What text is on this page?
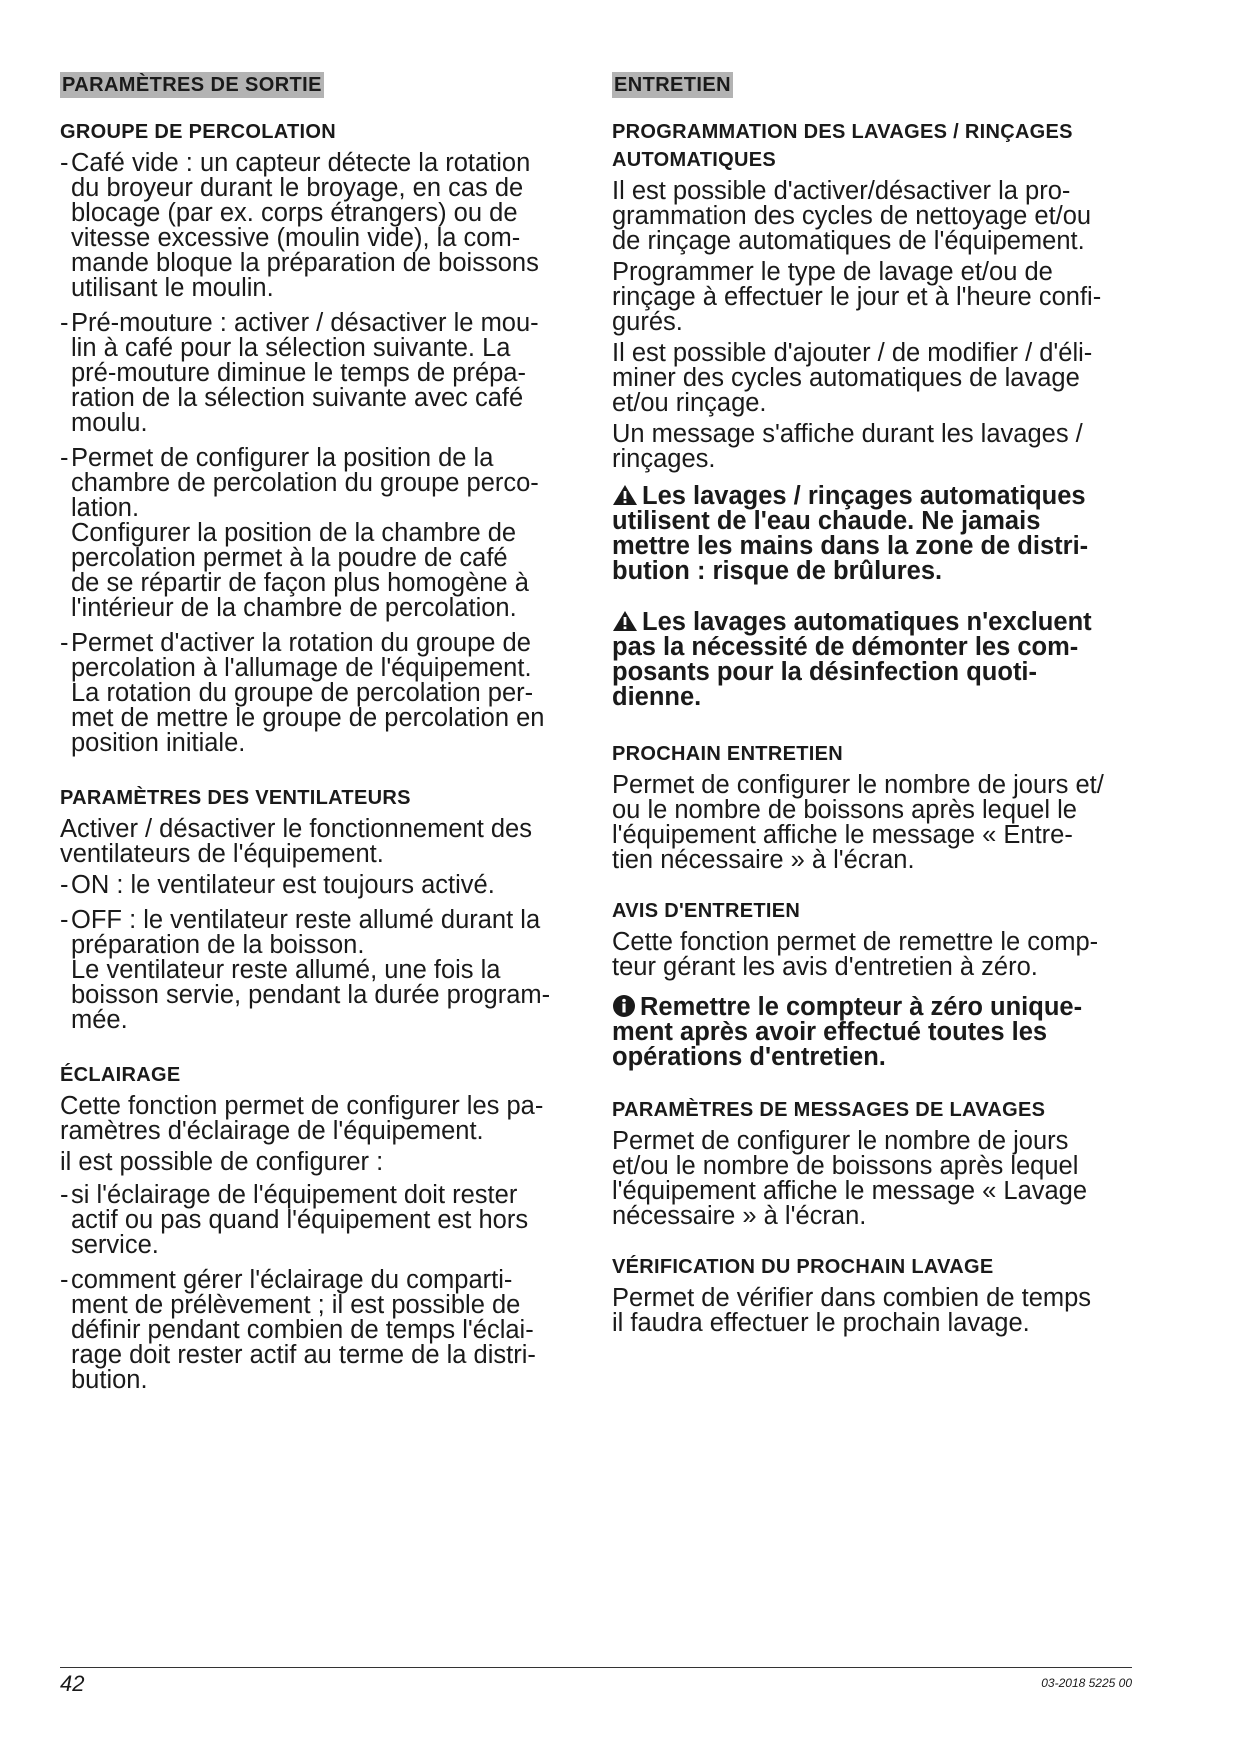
PARAMÈTRES DE SORTIE
GROUPE DE PERCOLATION
- Café vide : un capteur détecte la rotation
du broyeur durant le broyage, en cas de
blocage (par ex. corps étrangers) ou de
vitesse excessive (moulin vide), la com-
mande bloque la préparation de boissons
utilisant le moulin.
- Pré-mouture : activer / désactiver le mou-
lin à café pour la sélection suivante. La
pré-mouture diminue le temps de prépa-
ration de la sélection suivante avec café
moulu.
- Permet de configurer la position de la
chambre de percolation du groupe perco-
lation.
Configurer la position de la chambre de
percolation permet à la poudre de café
de se répartir de façon plus homogène à
l'intérieur de la chambre de percolation.
- Permet d'activer la rotation du groupe de
percolation à l'allumage de l'équipement.
La rotation du groupe de percolation per-
met de mettre le groupe de percolation en
position initiale.
PARAMÈTRES DES VENTILATEURS

Activer / désactiver le fonctionnement des
ventilateurs de l'équipement.

- ON : le ventilateur est toujours activé.
- OFF : le ventilateur reste allumé durant la
préparation de la boisson.
Le ventilateur reste allumé, une fois la
boisson servie, pendant la durée program-
mée.
ÉCLAIRAGE

Cette fonction permet de configurer les pa-
ramètres d'éclairage de l'équipement.

il est possible de configurer :

- si l'éclairage de l'équipement doit rester
actif ou pas quand l'équipement est hors
service.
- comment gérer l'éclairage du comparti-
ment de prélèvement ; il est possible de
définir pendant combien de temps l'éclai-
rage doit rester actif au terme de la distri-
bution.
ENTRETIEN
PROGRAMMATION DES LAVAGES / RINÇAGES
AUTOMATIQUES

Il est possible d'activer/désactiver la pro-
grammation des cycles de nettoyage et/ou
de rinçage automatiques de l'équipement.

Programmer le type de lavage et/ou de
rinçage à effectuer le jour et à l'heure confi-
gurés.

Il est possible d'ajouter / de modifier / d'éli-
miner des cycles automatiques de lavage
et/ou rinçage.

Un message s'affiche durant les lavages /
rinçages.

Les lavages / rinçages automatiques
utilisent de l'eau chaude. Ne jamais
mettre les mains dans la zone de distri-
bution : risque de brûlures.
Les lavages automatiques n'excluent
pas la nécessité de démonter les com-
posants pour la désinfection quoti-
dienne.
PROCHAIN ENTRETIEN

Permet de configurer le nombre de jours et/
ou le nombre de boissons après lequel le
l'équipement affiche le message « Entre-
tien nécessaire » à l'écran.

AVIS D'ENTRETIEN

Cette fonction permet de remettre le comp-
teur gérant les avis d'entretien à zéro.

Remettre le compteur à zéro unique-
ment après avoir effectué toutes les
opérations d'entretien.
PARAMÈTRES DE MESSAGES DE LAVAGES

Permet de configurer le nombre de jours
et/ou le nombre de boissons après lequel
l'équipement affiche le message « Lavage
nécessaire » à l'écran.

VÉRIFICATION DU PROCHAIN LAVAGE

Permet de vérifier dans combien de temps
il faudra effectuer le prochain lavage.

42	03-2018 5225 00
